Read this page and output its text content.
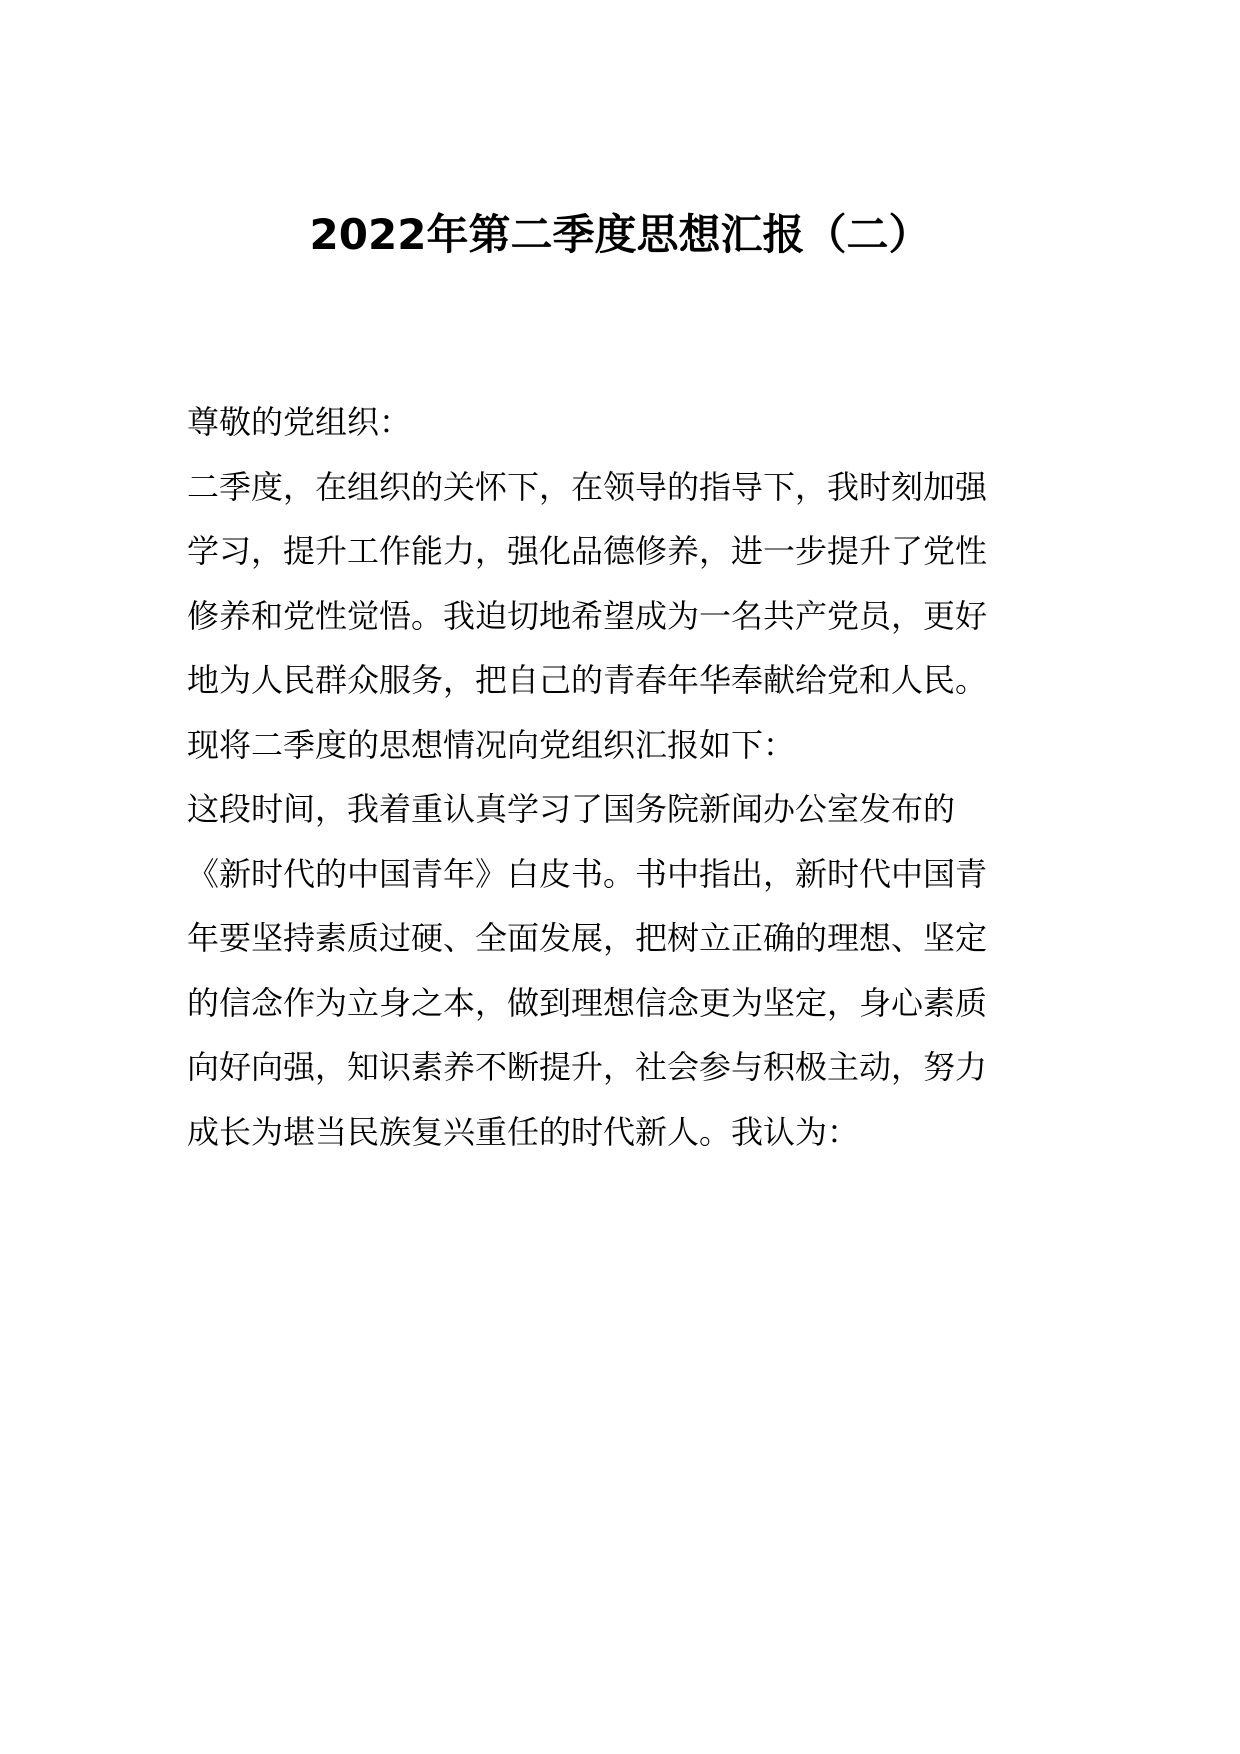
2022年第二季度思想汇报（二）

尊敬的党组织：

二季度，在组织的关怀下，在领导的指导下，我时刻加强

学习，提升工作能力，强化品德修养，进一步提升了党性

修养和党性觉悟。我迫切地希望成为一名共产党员，更好

地为人民群众服务，把自己的青春年华奉献给党和人民。

现将二季度的思想情况向党组织汇报如下：

这段时间，我着重认真学习了国务院新闻办公室发布的

《新时代的中国青年》白皮书。书中指出，新时代中国青

年要坚持素质过硬、全面发展，把树立正确的理想、坚定

的信念作为立身之本，做到理想信念更为坚定，身心素质

向好向强，知识素养不断提升，社会参与积极主动，努力

成长为堪当民族复兴重任的时代新人。我认为：
